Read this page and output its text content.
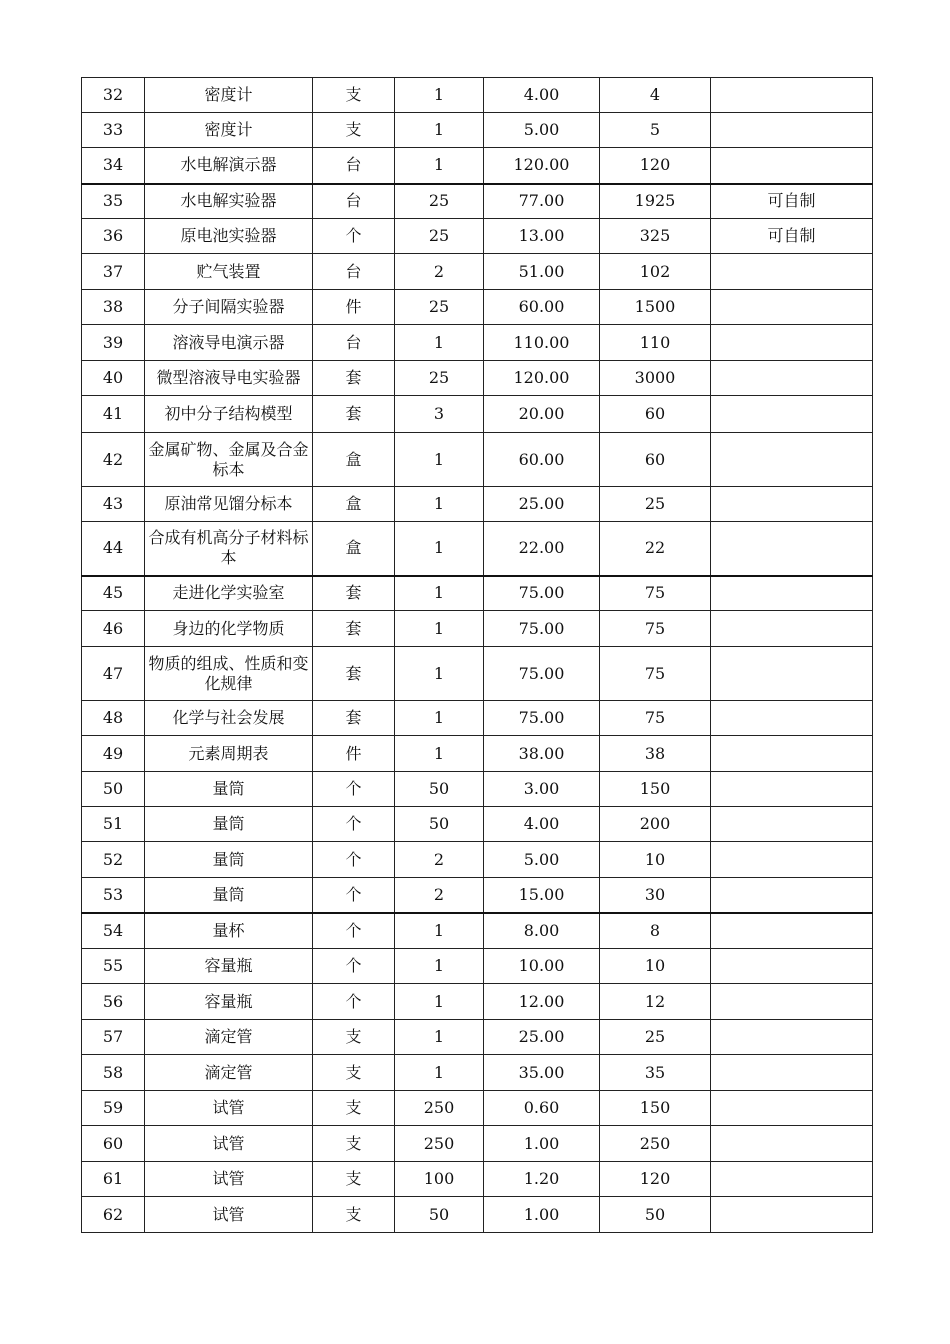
32	密度计	支	1	4.00	4	
33	密度计	支	1	5.00	5	
34	水电解演示器	台	1	120.00	120	
35	水电解实验器	台	25	77.00	1925	可自制
36	原电池实验器	个	25	13.00	325	可自制
37	贮气装置	台	2	51.00	102	
38	分子间隔实验器	件	25	60.00	1500	
39	溶液导电演示器	台	1	110.00	110	
40	微型溶液导电实验器	套	25	120.00	3000	
41	初中分子结构模型	套	3	20.00	60	
42	金属矿物、金属及合金标本	盒	1	60.00	60	
43	原油常见馏分标本	盒	1	25.00	25	
44	合成有机高分子材料标本	盒	1	22.00	22	
45	走进化学实验室	套	1	75.00	75	
46	身边的化学物质	套	1	75.00	75	
47	物质的组成、性质和变化规律	套	1	75.00	75	
48	化学与社会发展	套	1	75.00	75	
49	元素周期表	件	1	38.00	38	
50	量筒	个	50	3.00	150	
51	量筒	个	50	4.00	200	
52	量筒	个	2	5.00	10	
53	量筒	个	2	15.00	30	
54	量杯	个	1	8.00	8	
55	容量瓶	个	1	10.00	10	
56	容量瓶	个	1	12.00	12	
57	滴定管	支	1	25.00	25	
58	滴定管	支	1	35.00	35	
59	试管	支	250	0.60	150	
60	试管	支	250	1.00	250	
61	试管	支	100	1.20	120	
62	试管	支	50	1.00	50	
